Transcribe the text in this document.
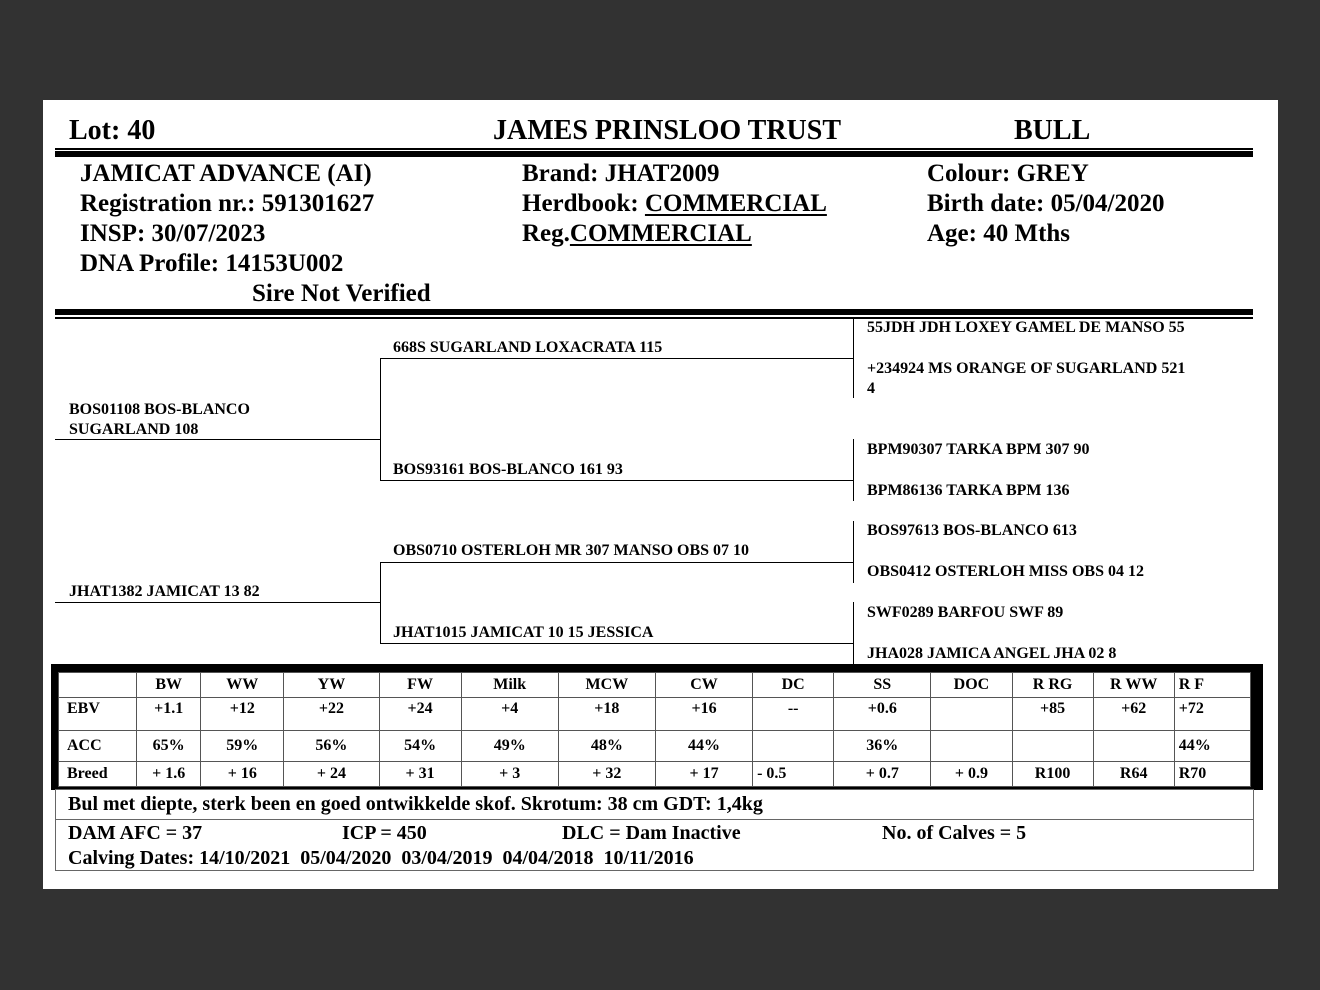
Lot: 40	JAMES PRINSLOO TRUST	BULL
JAMICAT ADVANCE (AI)
Registration nr.: 591301627
INSP: 30/07/2023
DNA Profile: 14153U002
Sire Not Verified
Brand: JHAT2009
Herdbook: COMMERCIAL
Reg.COMMERCIAL
Colour: GREY
Birth date: 05/04/2020
Age: 40 Mths
BOS01108 BOS-BLANCO
SUGARLAND 108
JHAT1382 JAMICAT 13 82
668S SUGARLAND LOXACRATA 115
BOS93161 BOS-BLANCO 161 93
OBS0710 OSTERLOH MR 307 MANSO OBS 07 10
JHAT1015 JAMICAT 10 15 JESSICA
55JDH JDH LOXEY GAMEL DE MANSO 55
+234924 MS ORANGE OF SUGARLAND 521
4
BPM90307 TARKA BPM 307 90
BPM86136 TARKA BPM 136
BOS97613 BOS-BLANCO 613
OBS0412 OSTERLOH MISS OBS 04 12
SWF0289 BARFOU SWF 89
JHA028 JAMICA ANGEL JHA 02 8
	BW	WW	YW	FW	Milk	MCW	CW	DC	SS	DOC	R RG	R WW	R F
EBV	+1.1	+12	+22	+24	+4	+18	+16	--	+0.6		+85	+62	+72
ACC	65%	59%	56%	54%	49%	48%	44%		36%				44%
Breed	+ 1.6	+ 16	+ 24	+ 31	+ 3	+ 32	+ 17	- 0.5	+ 0.7	+ 0.9	R100	R64	R70
Bul met diepte, sterk been en goed ontwikkelde skof. Skrotum: 38 cm GDT: 1,4kg
DAM AFC = 37	ICP = 450	DLC = Dam Inactive	No. of Calves = 5
Calving Dates: 14/10/2021  05/04/2020  03/04/2019  04/04/2018  10/11/2016
